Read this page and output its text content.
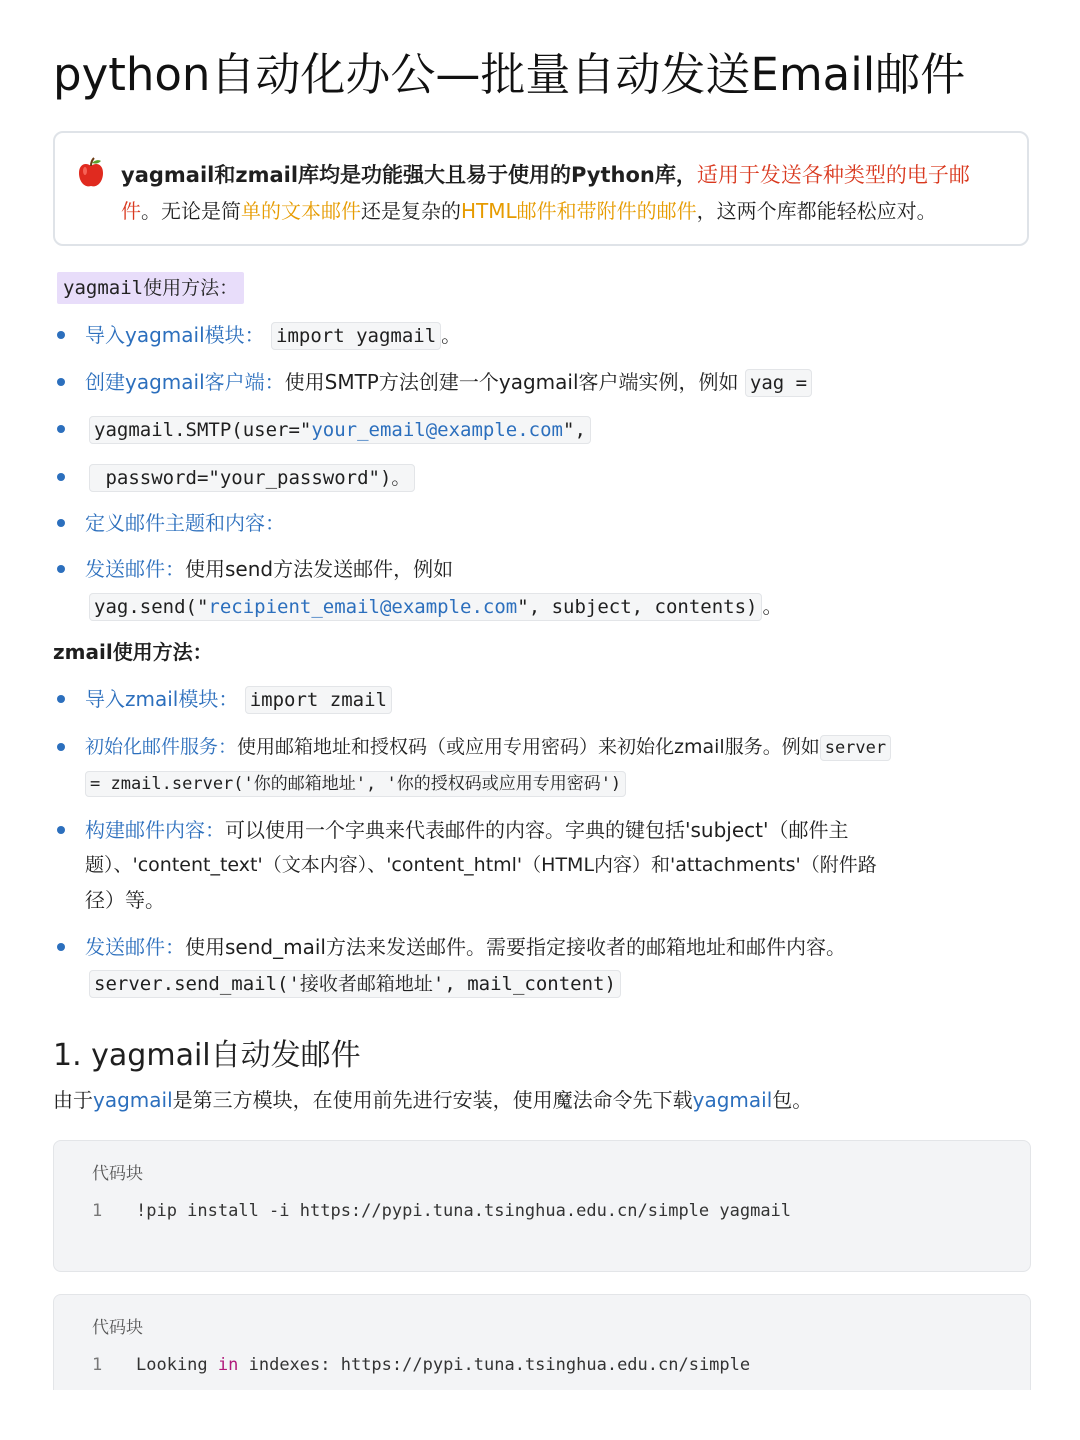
python自动化办公—批量自动发送Email邮件
yagmail和zmail库均是功能强大且易于使用的Python库，适用于发送各种类型的电子邮
件。无论是简单的文本邮件还是复杂的HTML邮件和带附件的邮件，这两个库都能轻松应对。
yagmail使用方法：
导入yagmail模块： import yagmail 。
创建yagmail客户端：使用SMTP方法创建一个yagmail客户端实例，例如 yag =
yagmail.SMTP(user="your_email@example.com",
password="your_password")。
定义邮件主题和内容：
发送邮件：使用send方法发送邮件，例如
yag.send("recipient_email@example.com", subject, contents) 。
zmail使用方法：
导入zmail模块： import zmail
初始化邮件服务：使用邮箱地址和授权码（或应用专用密码）来初始化zmail服务。例如 server
= zmail.server('你的邮箱地址', '你的授权码或应用专用密码')
构建邮件内容：可以使用一个字典来代表邮件的内容。字典的键包括'subject'（邮件主
题）、'content_text'（文本内容）、'content_html'（HTML内容）和'attachments'（附件路
径）等。
发送邮件：使用send_mail方法来发送邮件。需要指定接收者的邮箱地址和邮件内容。
server.send_mail('接收者邮箱地址', mail_content)
1. yagmail自动发邮件
由于yagmail是第三方模块，在使用前先进行安装，使用魔法命令先下载yagmail包。
代码块
1 !pip install -i https://pypi.tuna.tsinghua.edu.cn/simple yagmail
代码块
1 Looking in indexes: https://pypi.tuna.tsinghua.edu.cn/simple
